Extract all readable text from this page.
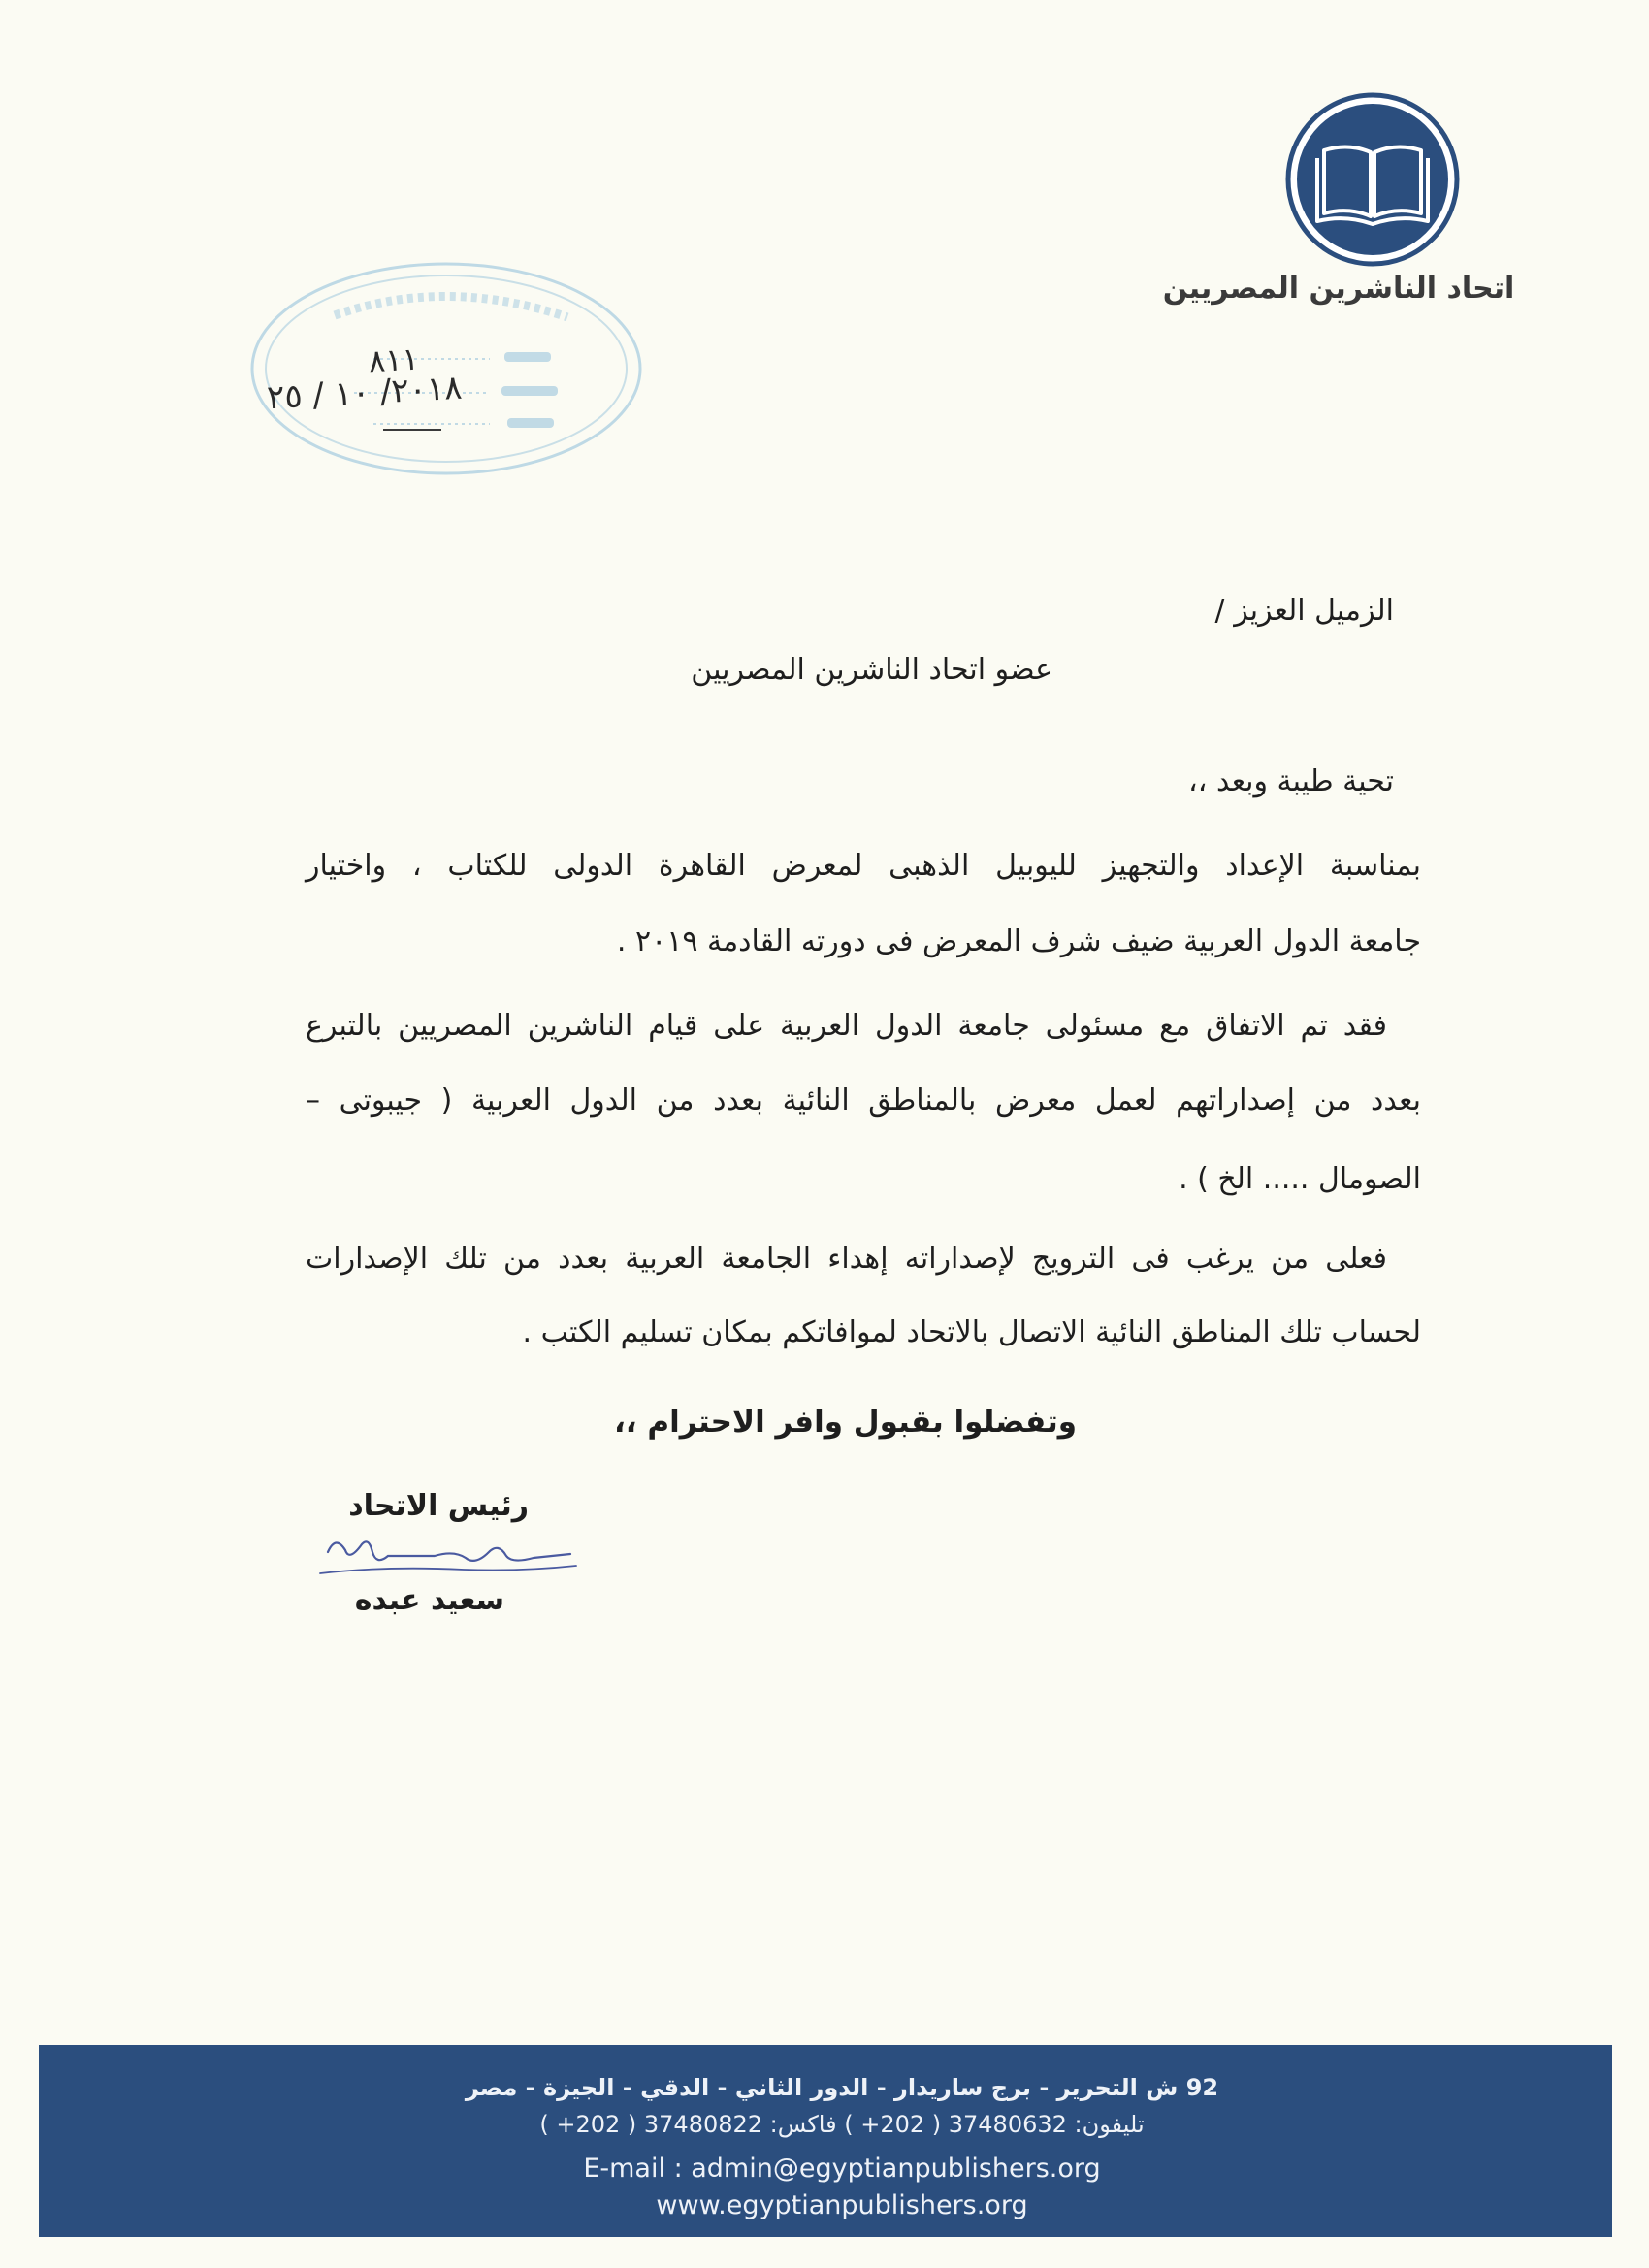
اتحاد الناشرين المصريين
٨١١
٢٠١٨/ ١٠ / ٢٥
الزميل العزيز /
عضو اتحاد الناشرين المصريين
تحية طيبة وبعد ،،
بمناسبة الإعداد والتجهيز لليوبيل الذهبى لمعرض القاهرة الدولى للكتاب ، واختيار
جامعة الدول العربية ضيف شرف المعرض فى دورته القادمة ٢٠١٩ .
فقد تم الاتفاق مع مسئولى جامعة الدول العربية على قيام الناشرين المصريين بالتبرع
بعدد من إصداراتهم لعمل معرض بالمناطق النائية بعدد من الدول العربية ( جيبوتى –
الصومال ..... الخ ) .
فعلى من يرغب فى الترويج لإصداراته إهداء الجامعة العربية بعدد من تلك الإصدارات
لحساب تلك المناطق النائية الاتصال بالاتحاد لموافاتكم بمكان تسليم الكتب .
وتفضلوا بقبول وافر الاحترام ،،
رئيس الاتحاد
سعيد عبده
92 ش التحرير - برج ساريدار - الدور الثاني - الدقي - الجيزة - مصر
تليفون: 37480632 ( 202+ ) فاكس: 37480822 ( 202+ )
E-mail : admin@egyptianpublishers.org
www.egyptianpublishers.org
